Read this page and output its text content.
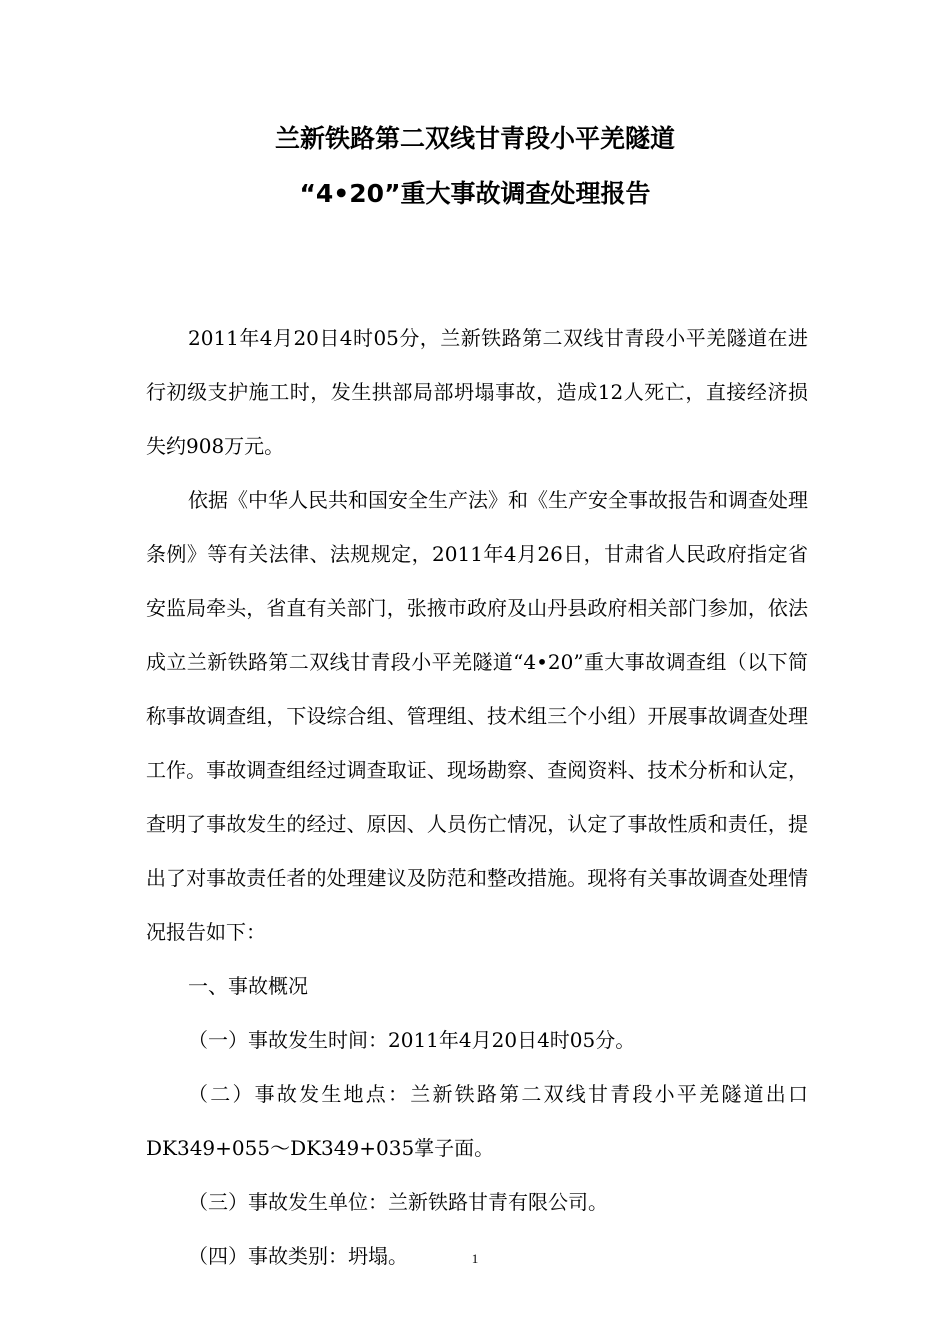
兰新铁路第二双线甘青段小平羌隧道
“4•20”重大事故调查处理报告

2011年4月20日4时05分，兰新铁路第二双线甘青段小平羌隧道在进行初级支护施工时，发生拱部局部坍塌事故，造成12人死亡，直接经济损失约908万元。

依据《中华人民共和国安全生产法》和《生产安全事故报告和调查处理条例》等有关法律、法规规定，2011年4月26日，甘肃省人民政府指定省安监局牵头，省直有关部门，张掖市政府及山丹县政府相关部门参加，依法成立兰新铁路第二双线甘青段小平羌隧道“4•20”重大事故调查组（以下简称事故调查组，下设综合组、管理组、技术组三个小组）开展事故调查处理工作。事故调查组经过调查取证、现场勘察、查阅资料、技术分析和认定，查明了事故发生的经过、原因、人员伤亡情况，认定了事故性质和责任，提出了对事故责任者的处理建议及防范和整改措施。现将有关事故调查处理情况报告如下：

一、事故概况

（一）事故发生时间：2011年4月20日4时05分。

（二）事故发生地点：兰新铁路第二双线甘青段小平羌隧道出口DK349+055～DK349+035掌子面。

（三）事故发生单位：兰新铁路甘青有限公司。

（四）事故类别：坍塌。	1
